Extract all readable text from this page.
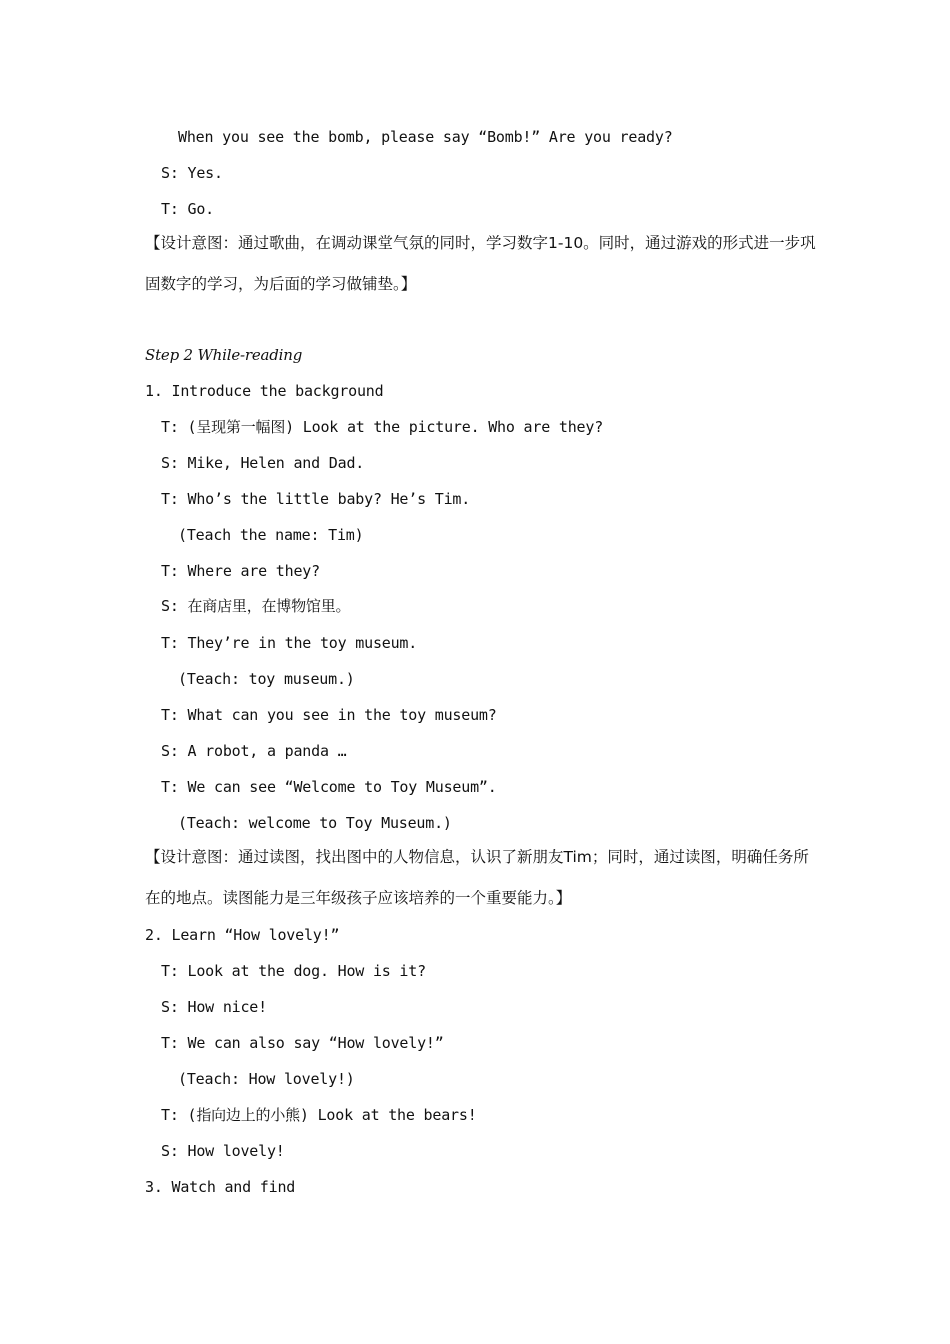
When you see the bomb, please say “Bomb!” Are you ready?
S: Yes.
T: Go.
【设计意图：通过歌曲，在调动课堂气氛的同时，学习数字1-10。同时，通过游戏的形式进一步巩固数字的学习，为后面的学习做铺垫。】
Step 2 While-reading
1. Introduce the background
T: (呈现第一幅图) Look at the picture. Who are they?
S: Mike, Helen and Dad.
T: Who’s the little baby? He’s Tim.
(Teach the name: Tim)
T: Where are they?
S: 在商店里，在博物馆里。
T: They’re in the toy museum.
(Teach: toy museum.)
T: What can you see in the toy museum?
S: A robot, a panda …
T: We can see “Welcome to Toy Museum”.
(Teach: welcome to Toy Museum.)
【设计意图：通过读图，找出图中的人物信息，认识了新朋友Tim；同时，通过读图，明确任务所在的地点。读图能力是三年级孩子应该培养的一个重要能力。】
2. Learn “How lovely!”
T: Look at the dog. How is it?
S: How nice!
T: We can also say “How lovely!”
(Teach: How lovely!)
T: (指向边上的小熊) Look at the bears!
S: How lovely!
3. Watch and find
